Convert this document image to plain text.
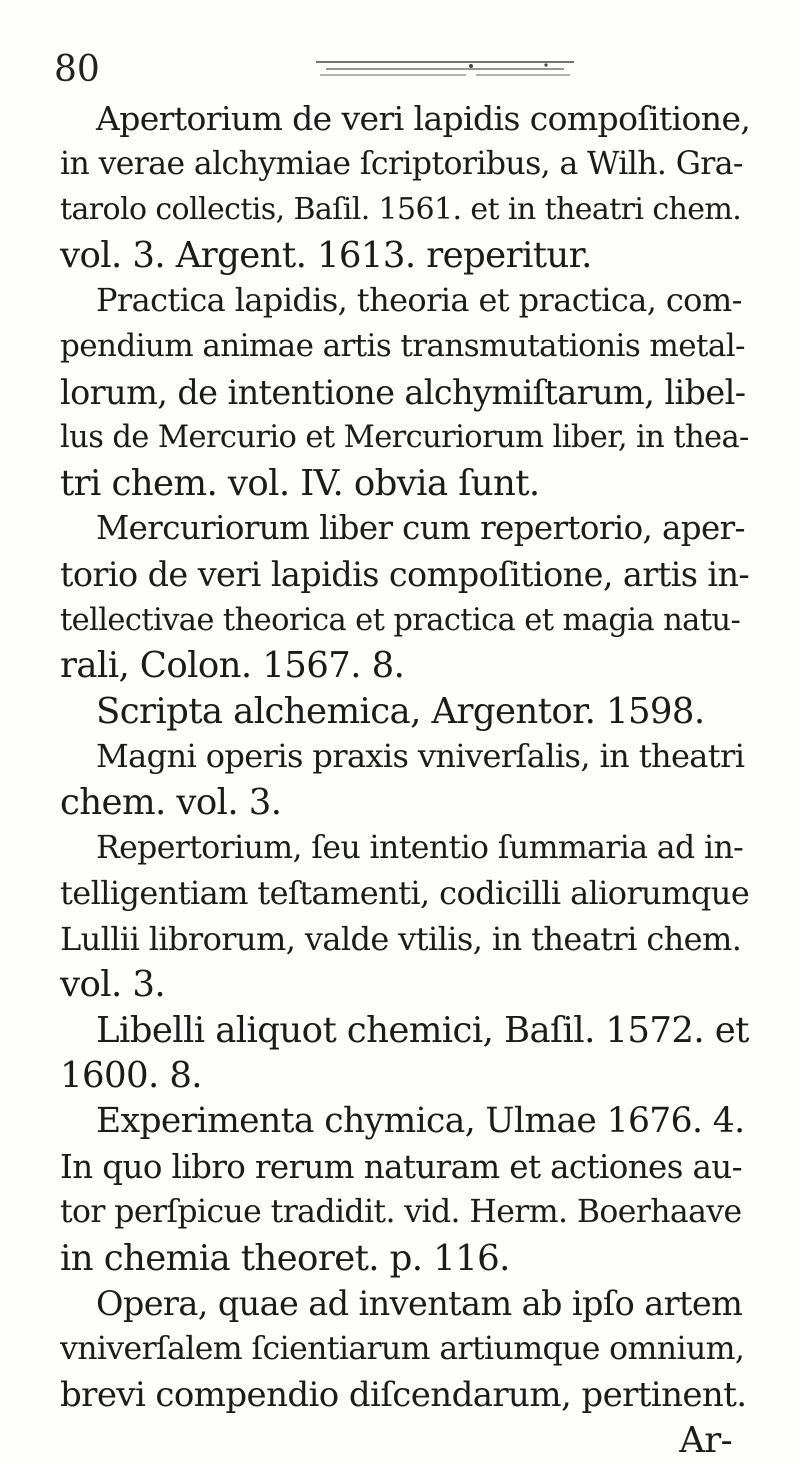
80
Apertorium de veri lapidis compoſitione,
in verae alchymiae ſcriptoribus, a Wilh. Gra-
tarolo collectis, Baſil. 1561. et in theatri chem.
vol. 3. Argent. 1613. reperitur.
Practica lapidis, theoria et practica, com-
pendium animae artis transmutationis metal-
lorum, de intentione alchymiſtarum, libel-
lus de Mercurio et Mercuriorum liber, in thea-
tri chem. vol. IV. obvia ſunt.
Mercuriorum liber cum repertorio, aper-
torio de veri lapidis compoſitione, artis in-
tellectivae theorica et practica et magia natu-
rali, Colon. 1567. 8.
Scripta alchemica, Argentor. 1598.
Magni operis praxis vniverſalis, in theatri
chem. vol. 3.
Repertorium, ſeu intentio ſummaria ad in-
telligentiam teſtamenti, codicilli aliorumque
Lullii librorum, valde vtilis, in theatri chem.
vol. 3.
Libelli aliquot chemici, Baſil. 1572. et
1600. 8.
Experimenta chymica, Ulmae 1676. 4.
In quo libro rerum naturam et actiones au-
tor perſpicue tradidit. vid. Herm. Boerhaave
in chemia theoret. p. 116.
Opera, quae ad inventam ab ipſo artem
vniverſalem ſcientiarum artiumque omnium,
brevi compendio diſcendarum, pertinent.
Ar-
